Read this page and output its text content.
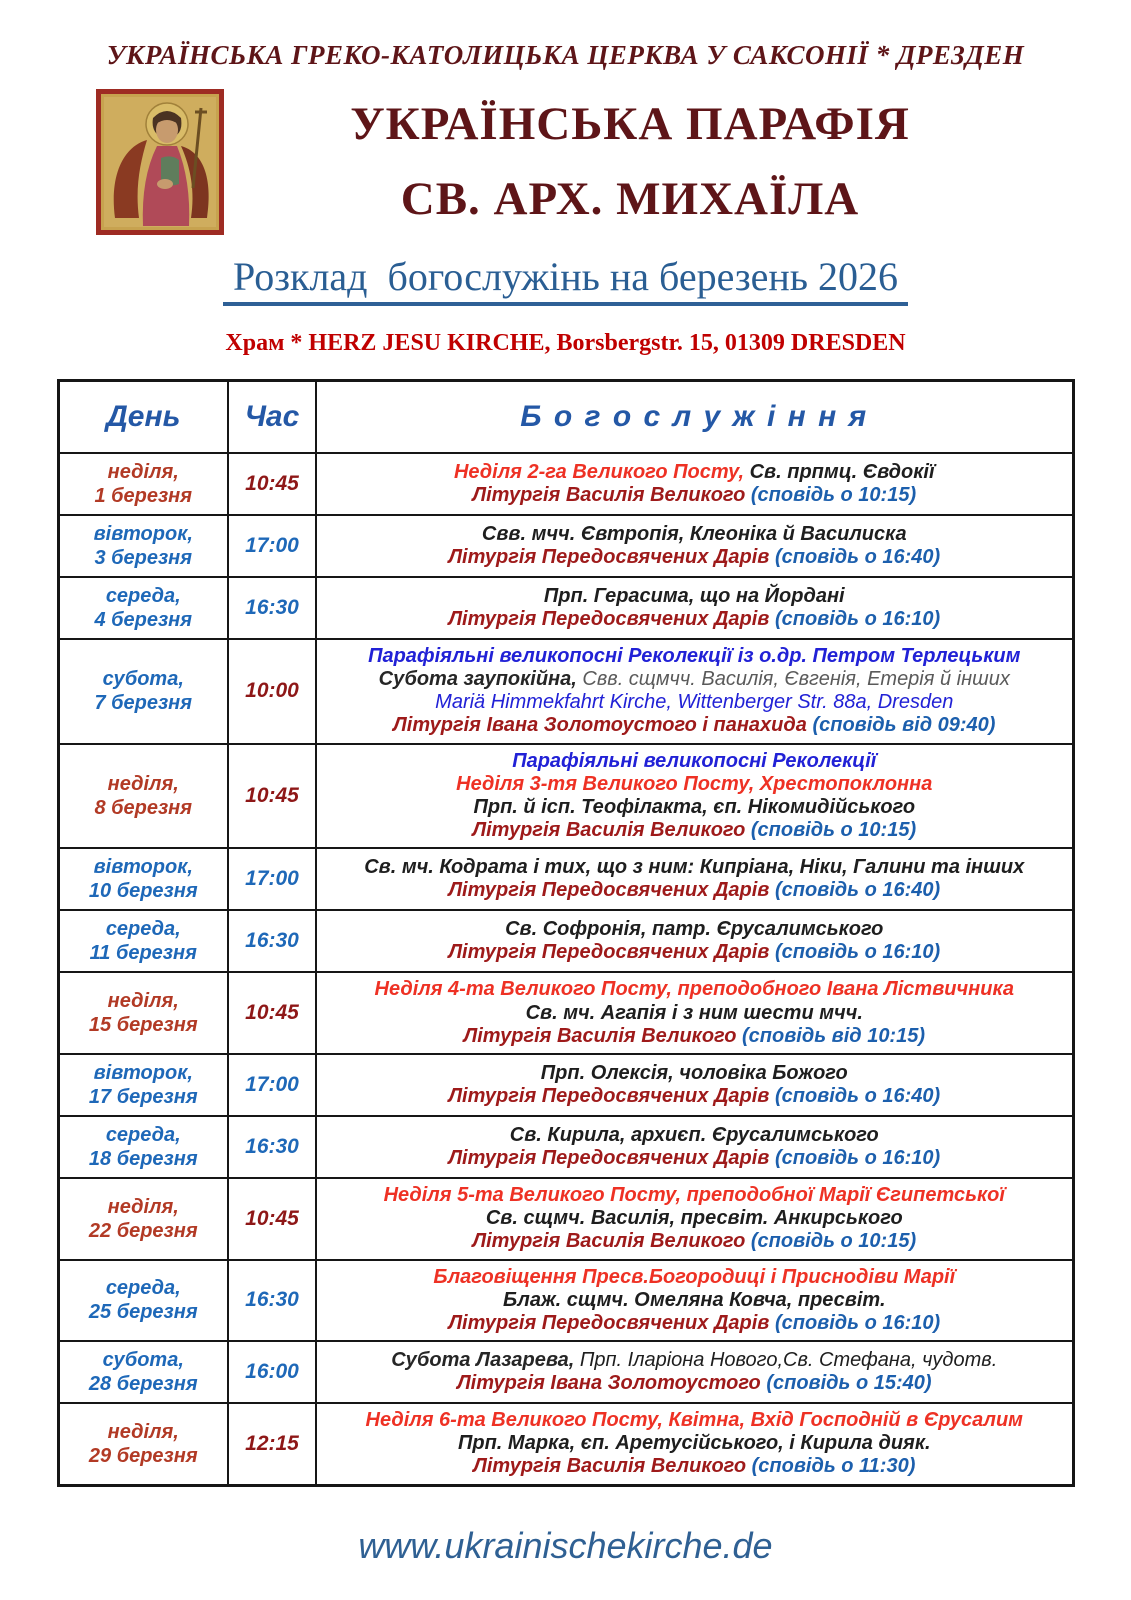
УКРАЇНСЬКА ГРЕКО-КАТОЛИЦЬКА ЦЕРКВА У САКСОНІЇ * ДРЕЗДЕН
УКРАЇНСЬКА ПАРАФІЯ
СВ. АРХ. МИХАЇЛА
Розклад  богослужінь на березень 2026
Храм * HERZ JESU KIRCHE, Borsbergstr. 15, 01309 DRESDEN
День	Час	Б о г о с л у ж і н н я

неділя,
1 березня
	10:45	
Неділя 2-га Великого Посту, Св. прпмц. Євдокії
Літургія Василія Великого (сповідь о 10:15)

вівторок,
3 березня
	17:00	
Свв. мчч. Євтропія, Клеоніка й Василиска
Літургія Передосвячених Дарів (сповідь о 16:40)

середа,
4 березня
	16:30	
Прп. Герасима, що на Йордані
Літургія Передосвячених Дарів (сповідь о 16:10)

субота,
7 березня
	10:00	
Парафіяльні великопосні Реколекції із о.др. Петром Терлецьким
Субота заупокійна, Свв. сщмчч. Василія, Євгенія, Етерія й інших
Mariä Himmekfahrt Kirche, Wittenberger Str. 88a, Dresden
Літургія Івана Золотоустого і панахида (сповідь від 09:40)

неділя,
8 березня
	10:45	
Парафіяльні великопосні Реколекції
Неділя 3-тя Великого Посту, Хрестопоклонна
Прп. й ісп. Теофілакта, єп. Нікомидійського
Літургія Василія Великого (сповідь о 10:15)

вівторок,
10 березня
	17:00	
Св. мч. Кодрата і тих, що з ним: Кипріана, Ніки, Галини та інших
Літургія Передосвячених Дарів (сповідь о 16:40)

середа,
11 березня
	16:30	
Св. Софронія, патр. Єрусалимського
Літургія Передосвячених Дарів (сповідь о 16:10)

неділя,
15 березня
	10:45	
Неділя 4-та Великого Посту, преподобного Івана Ліствичника
Св. мч. Агапія і з ним шести мчч.
Літургія Василія Великого (сповідь від 10:15)

вівторок,
17 березня
	17:00	
Прп. Олексія, чоловіка Божого
Літургія Передосвячених Дарів (сповідь о 16:40)

середа,
18 березня
	16:30	
Св. Кирила, архиєп. Єрусалимського
Літургія Передосвячених Дарів (сповідь о 16:10)

неділя,
22 березня
	10:45	
Неділя 5-та Великого Посту, преподобної Марії Єгипетської
Св. сщмч. Василія, пресвіт. Анкирського
Літургія Василія Великого (сповідь о 10:15)

середа,
25 березня
	16:30	
Благовіщення Пресв.Богородиці і Приснодіви Марії
Блаж. сщмч. Омеляна Ковча, пресвіт.
Літургія Передосвячених Дарів (сповідь о 16:10)

субота,
28 березня
	16:00	
Субота Лазарева, Прп. Іларіона Нового,Св. Стефана, чудотв.
Літургія Івана Золотоустого (сповідь о 15:40)

неділя,
29 березня
	12:15	
Неділя 6-та Великого Посту, Квітна, Вхід Господній в Єрусалим
Прп. Марка, єп. Аретусійського, і Кирила дияк.
Літургія Василія Великого (сповідь о 11:30)
www.ukrainischekirche.de
